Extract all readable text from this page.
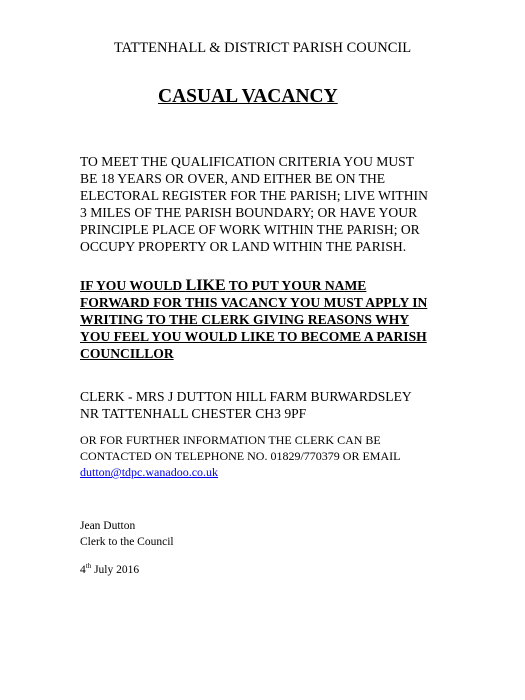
TATTENHALL & DISTRICT PARISH COUNCIL

CASUAL VACANCY

TO MEET THE QUALIFICATION CRITERIA YOU MUST
BE 18 YEARS OR OVER, AND EITHER BE ON THE
ELECTORAL REGISTER FOR THE PARISH; LIVE WITHIN
3 MILES OF THE PARISH BOUNDARY; OR HAVE YOUR
PRINCIPLE PLACE OF WORK WITHIN THE PARISH; OR
OCCUPY PROPERTY OR LAND WITHIN THE PARISH.
IF YOU WOULD LIKE TO PUT YOUR NAME
FORWARD FOR THIS VACANCY YOU MUST APPLY IN
WRITING TO THE CLERK GIVING REASONS WHY
YOU FEEL YOU WOULD LIKE TO BECOME A PARISH
COUNCILLOR
CLERK - MRS J DUTTON HILL FARM BURWARDSLEY
NR TATTENHALL CHESTER CH3 9PF
OR FOR FURTHER INFORMATION THE CLERK CAN BE
CONTACTED ON TELEPHONE NO. 01829/770379 OR EMAIL
dutton@tdpc.wanadoo.co.uk
Jean Dutton
Clerk to the Council
4th July 2016
